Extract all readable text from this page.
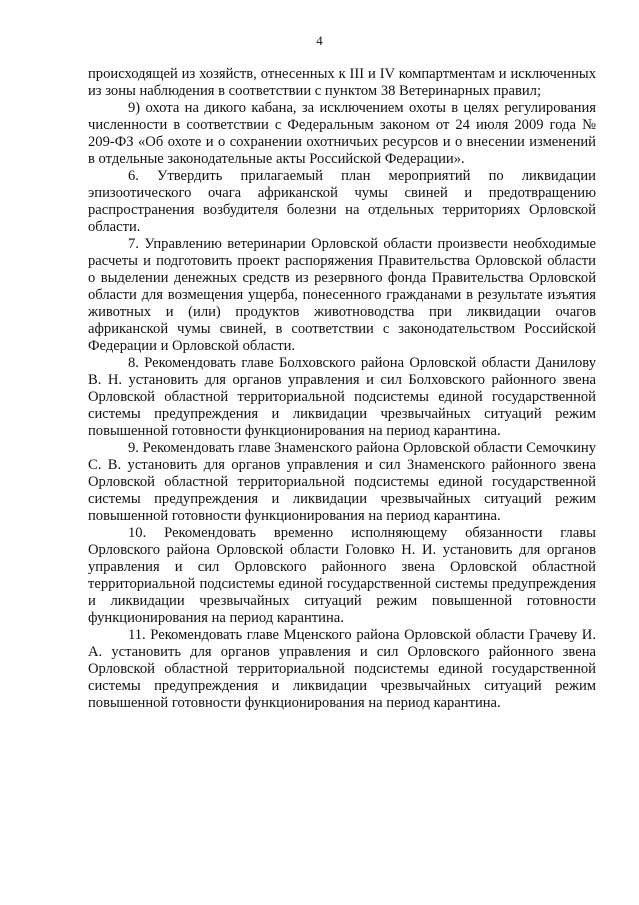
4

происходящей из хозяйств, отнесенных к III и IV компартментам и исключенных из зоны наблюдения в соответствии с пунктом 38 Ветеринарных правил;

9) охота на дикого кабана, за исключением охоты в целях регулирования численности в соответствии с Федеральным законом от 24 июля 2009 года № 209-ФЗ «Об охоте и о сохранении охотничьих ресурсов и о внесении изменений в отдельные законодательные акты Российской Федерации».

6. Утвердить прилагаемый план мероприятий по ликвидации эпизоотического очага африканской чумы свиней и предотвращению распространения возбудителя болезни на отдельных территориях Орловской области.

7. Управлению ветеринарии Орловской области произвести необходимые расчеты и подготовить проект распоряжения Правительства Орловской области о выделении денежных средств из резервного фонда Правительства Орловской области для возмещения ущерба, понесенного гражданами в результате изъятия животных и (или) продуктов животноводства при ликвидации очагов африканской чумы свиней, в соответствии с законодательством Российской Федерации и Орловской области.

8. Рекомендовать главе Болховского района Орловской области Данилову В. Н. установить для органов управления и сил Болховского районного звена Орловской областной территориальной подсистемы единой государственной системы предупреждения и ликвидации чрезвычайных ситуаций режим повышенной готовности функционирования на период карантина.

9. Рекомендовать главе Знаменского района Орловской области Семочкину С. В. установить для органов управления и сил Знаменского районного звена Орловской областной территориальной подсистемы единой государственной системы предупреждения и ликвидации чрезвычайных ситуаций режим повышенной готовности функционирования на период карантина.

10. Рекомендовать временно исполняющему обязанности главы Орловского района Орловской области Головко Н. И. установить для органов управления и сил Орловского районного звена Орловской областной территориальной подсистемы единой государственной системы предупреждения и ликвидации чрезвычайных ситуаций режим повышенной готовности функционирования на период карантина.

11. Рекомендовать главе Мценского района Орловской области Грачеву И. А. установить для органов управления и сил Орловского районного звена Орловской областной территориальной подсистемы единой государственной системы предупреждения и ликвидации чрезвычайных ситуаций режим повышенной готовности функционирования на период карантина.
